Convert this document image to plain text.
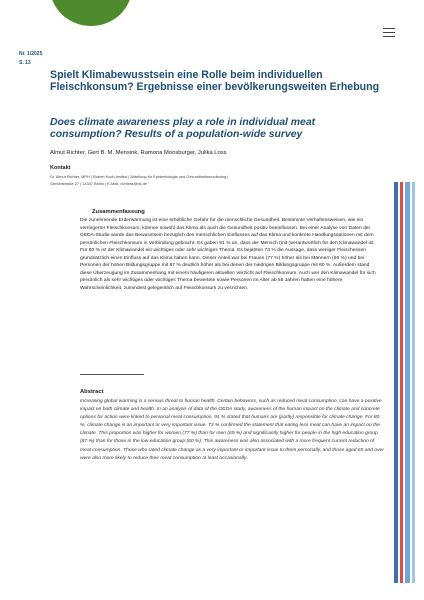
Nr. 1/2025
S. 13
Spielt Klimabewusstsein eine Rolle beim individuellen Fleischkonsum? Ergebnisse einer bevölkerungsweiten Erhebung
Does climate awareness play a role in individual meat consumption? Results of a population-wide survey
Almut Richter, Gert B. M. Mensink, Ramona Moosburger, Julika Loss
Kontakt
Dr. Almut Richter, MPH | Robert Koch-Institut | Abteilung für Epidemiologie und Gesundheitsmonitoring |
Gerichtstraße 27 | 13347 Berlin | E-Mail: richtera@rki.de
Zusammenfassung

Die zunehmende Erderwärmung ist eine erhebliche Gefahr für die menschliche Gesundheit. Bestimmte Verhaltensweisen, wie ein verringerter Fleischkonsum, können sowohl das Klima als auch die Gesundheit positiv beeinflussen. Bei einer Analyse von Daten der GEDA-Studie wurde das Bewusstsein bezüglich des menschlichen Einflusses auf das Klima und konkrete Handlungsoptionen mit dem persönlichen Fleischkonsum in Verbindung gebracht. Es gaben 91 % an, dass der Mensch (mit-)verantwortlich für den Klimawandel ist. Für 80 % ist der Klimawandel ein wichtiges oder sehr wichtiges Thema. Es bejahten 73 % die Aussage, dass weniger Fleischessen grundsätzlich einen Einfluss auf das Klima haben kann. Dieser Anteil war bei Frauen (77 %) höher als bei Männern (69 %) und bei Personen der hohen Bildungsgruppe mit 87 % deutlich höher als bei denen der niedrigen Bildungsgruppe mit 60 %. Außerdem stand diese Überzeugung im Zusammenhang mit einem häufigeren aktuellen Verzicht auf Fleischkonsum. Auch wer den Klimawandel für sich persönlich als sehr wichtiges oder wichtiges Thema bewertete sowie Personen im Alter ab 65 Jahren hatten eine höhere Wahrscheinlichkeit, zumindest gelegentlich auf Fleischkonsum zu verzichten.

Abstract

Increasing global warming is a serious threat to human health. Certain behaviors, such as reduced meat consumption, can have a positive impact on both climate and health. In an analysis of data of the GEDA study, awareness of the human impact on the climate and concrete options for action were linked to personal meat consumption. 91 % stated that humans are (partly) responsible for climate change. For 80 %, climate change is an important or very important issue. 73 % confirmed the statement that eating less meat can have an impact on the climate. This proportion was higher for women (77 %) than for men (69 %) and significantly higher for people in the high education group (87 %) than for those in the low education group (60 %). This awareness was also associated with a more frequent current reduction of meat consumption. Those who rated climate change as a very important or important issue to them personally, and those aged 65 and over were also more likely to reduce their meat consumption at least occasionally.
